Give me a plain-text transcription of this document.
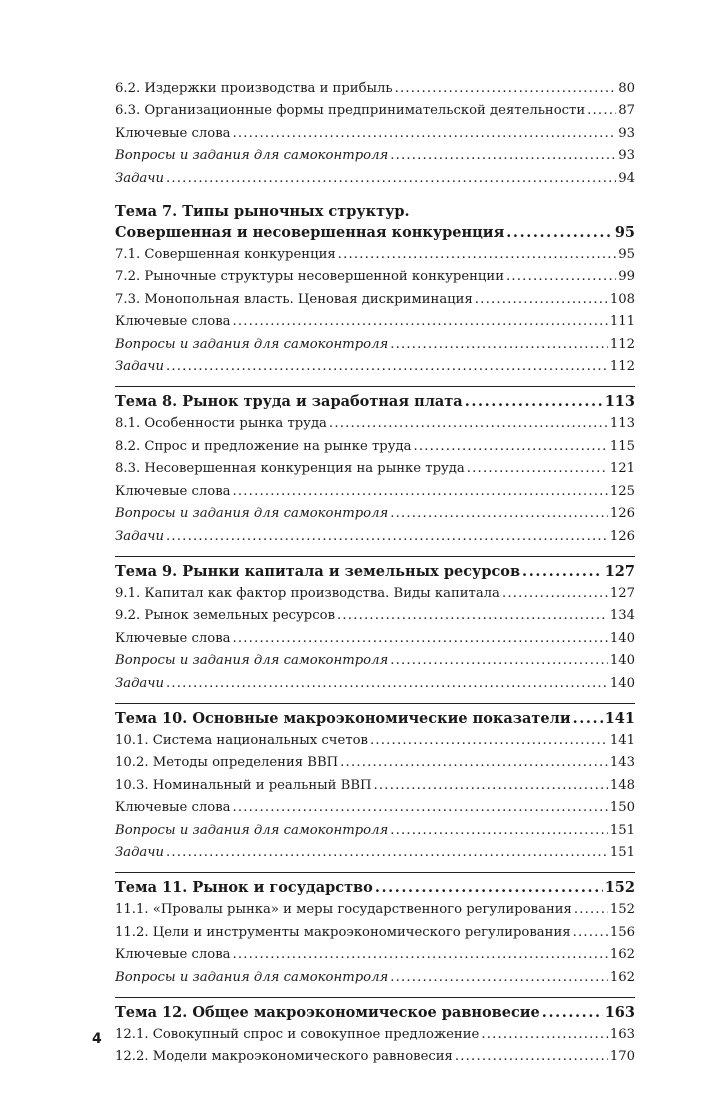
6.2. Издержки производства и прибыль .....	80
6.3. Организационные формы предпринимательской деятельности .....	87
Ключевые слова .....	93
Вопросы и задания для самоконтроля .....	93
Задачи .....	94
Тема 7. Типы рыночных структур.
Совершенная и несовершенная конкуренция .....	95
7.1. Совершенная конкуренция .....	95
7.2. Рыночные структуры несовершенной конкуренции .....	99
7.3. Монопольная власть. Ценовая дискриминация .....	108
Ключевые слова .....	111
Вопросы и задания для самоконтроля .....	112
Задачи .....	112
Тема 8. Рынок труда и заработная плата .....	113
8.1. Особенности рынка труда .....	113
8.2. Спрос и предложение на рынке труда .....	115
8.3. Несовершенная конкуренция на рынке труда .....	121
Ключевые слова .....	125
Вопросы и задания для самоконтроля .....	126
Задачи .....	126
Тема 9. Рынки капитала и земельных ресурсов .....	127
9.1. Капитал как фактор производства. Виды капитала .....	127
9.2. Рынок земельных ресурсов .....	134
Ключевые слова .....	140
Вопросы и задания для самоконтроля .....	140
Задачи .....	140
Тема 10. Основные макроэкономические показатели ..... 141
10.1. Система национальных счетов .....	141
10.2. Методы определения ВВП .....	143
10.3. Номинальный и реальный ВВП .....	148
Ключевые слова .....	150
Вопросы и задания для самоконтроля .....	151
Задачи .....	151
Тема 11. Рынок и государство .....	152
11.1. «Провалы рынка» и меры государственного регулирования .....	152
11.2. Цели и инструменты макроэкономического регулирования .....	156
Ключевые слова .....	162
Вопросы и задания для самоконтроля .....	162
Тема 12. Общее макроэкономическое равновесие .....	163
12.1. Совокупный спрос и совокупное предложение .....	163
12.2. Модели макроэкономического равновесия .....	170
4
